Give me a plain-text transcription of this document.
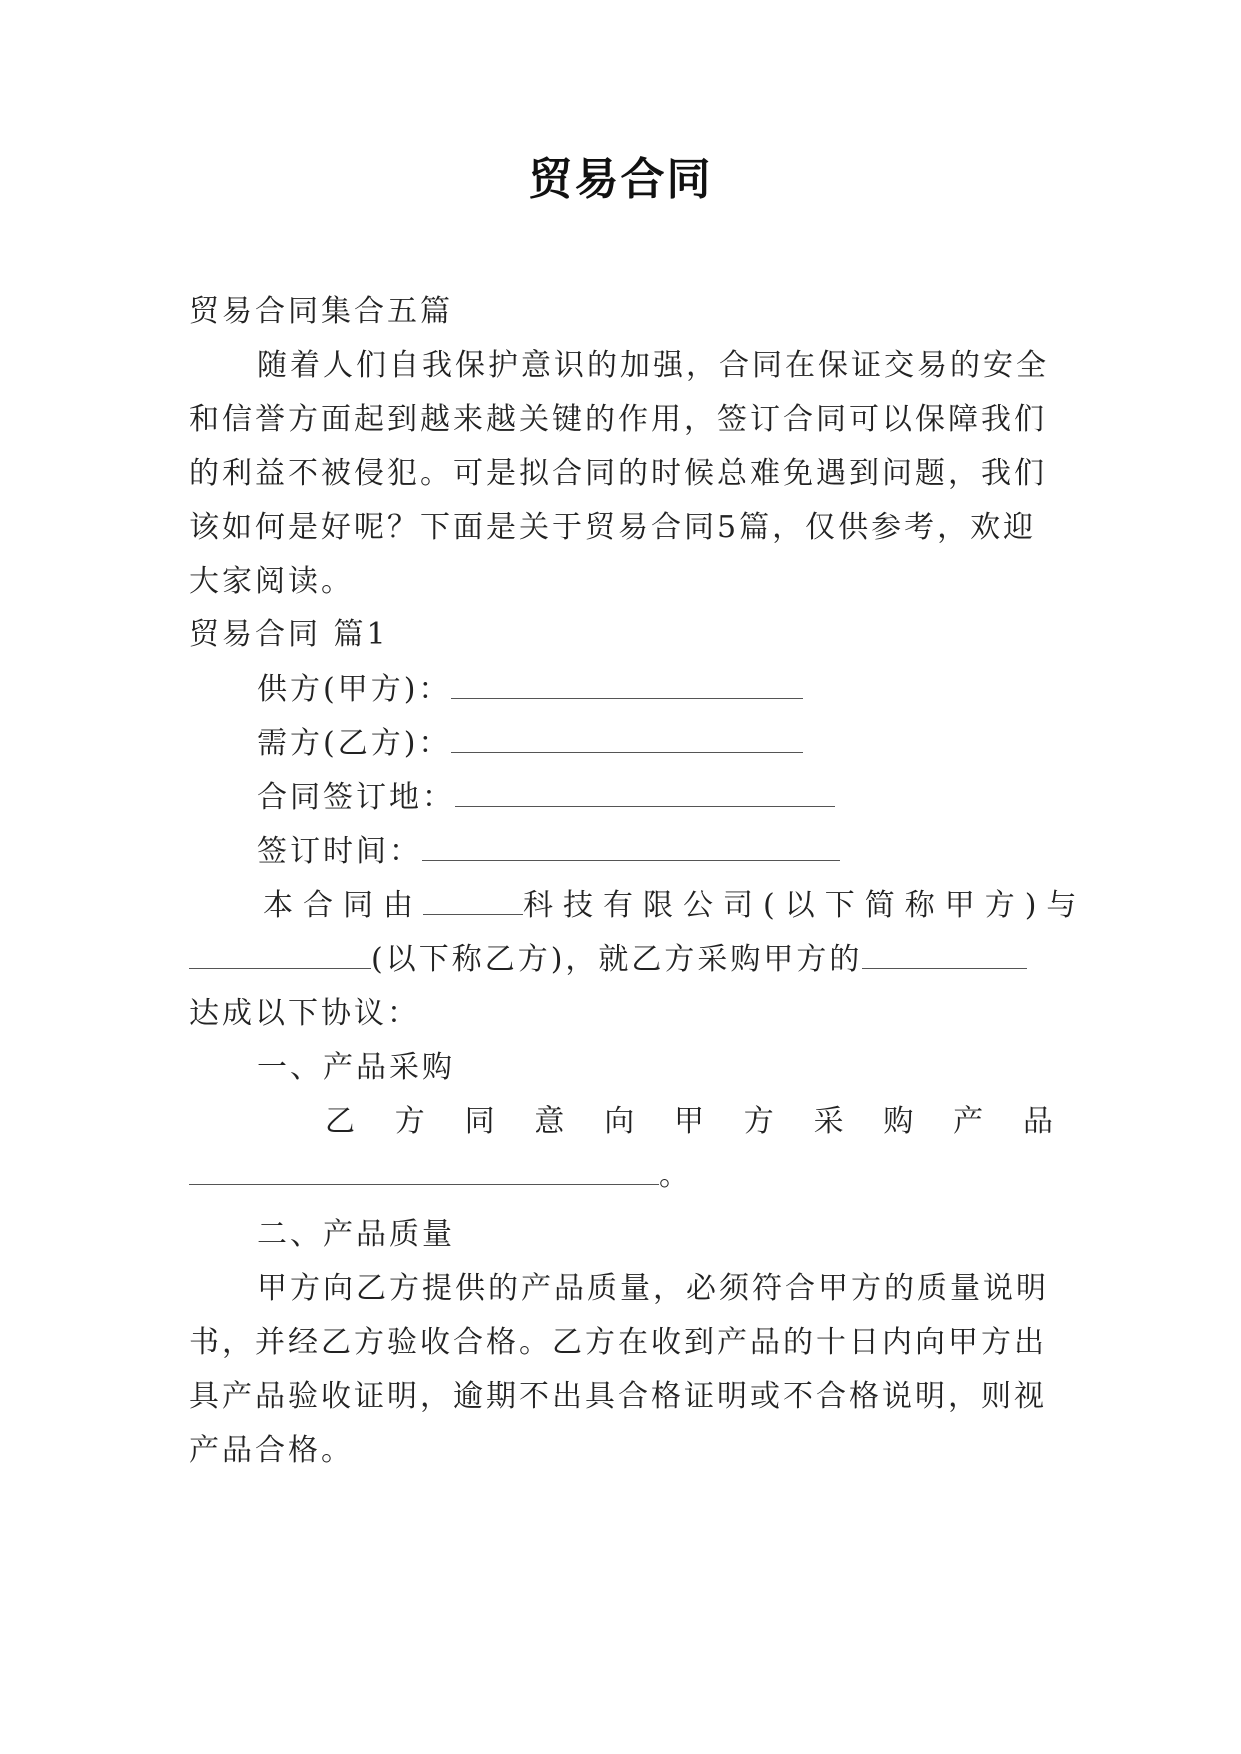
贸易合同
贸易合同集合五篇
随着人们自我保护意识的加强，合同在保证交易的安全
和信誉方面起到越来越关键的作用，签订合同可以保障我们
的利益不被侵犯。可是拟合同的时候总难免遇到问题，我们
该如何是好呢？下面是关于贸易合同5篇，仅供参考，欢迎
大家阅读。
贸易合同 篇1
供方(甲方)：
需方(乙方)：
合同签订地：
签订时间：
本合同由	科技有限公司(以下简称甲方)与
(以下称乙方)，就乙方采购甲方的
达成以下协议：
一、产品采购
乙 方 同 意 向 甲 方 采 购 产 品
。
二、产品质量
甲方向乙方提供的产品质量，必须符合甲方的质量说明
书，并经乙方验收合格。乙方在收到产品的十日内向甲方出
具产品验收证明，逾期不出具合格证明或不合格说明，则视
产品合格。
